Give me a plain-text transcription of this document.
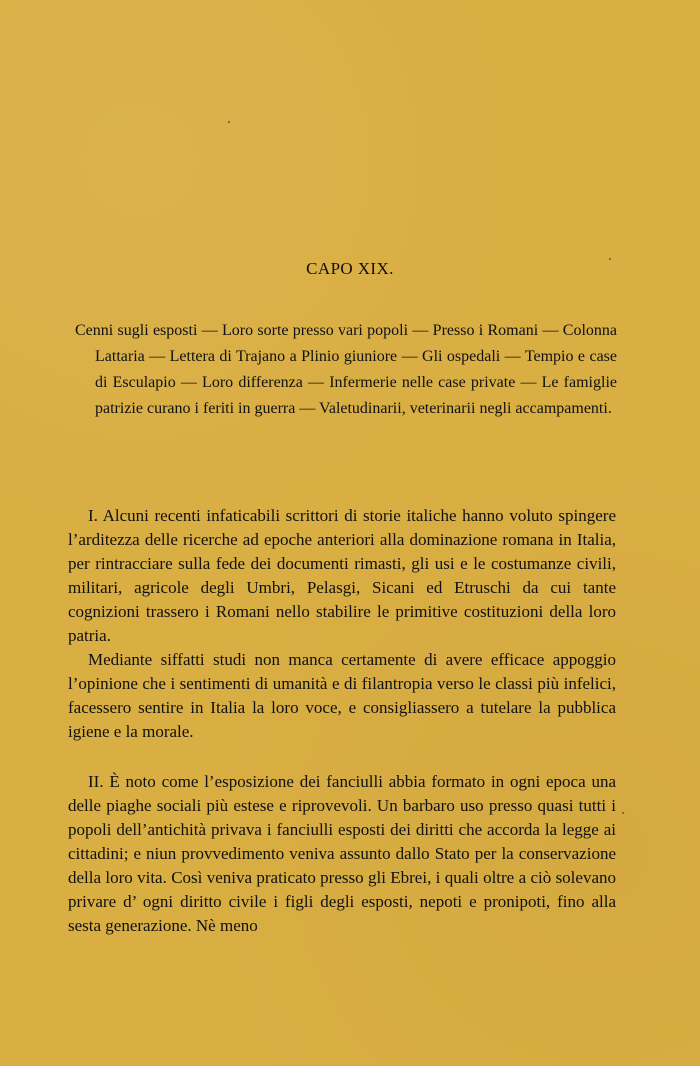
CAPO XIX.

Cenni sugli esposti — Loro sorte presso vari popoli — Presso i Romani — Colonna Lattaria — Lettera di Trajano a Plinio giuniore — Gli ospedali — Tempio e case di Esculapio — Loro differenza — Infermerie nelle case private — Le famiglie patrizie curano i feriti in guerra — Valetudinarii, veterinarii negli accampamenti.

I. Alcuni recenti infaticabili scrittori di storie italiche hanno voluto spingere l’arditezza delle ricerche ad epoche anteriori alla dominazione romana in Italia, per rintracciare sulla fede dei documenti rimasti, gli usi e le costumanze civili, militari, agricole degli Umbri, Pelasgi, Sicani ed Etruschi da cui tante cognizioni trassero i Romani nello stabilire le primitive costituzioni della loro patria.

Mediante siffatti studi non manca certamente di avere efficace appoggio l’opinione che i sentimenti di umanità e di filantropia verso le classi più infelici, facessero sentire in Italia la loro voce, e consigliassero a tutelare la pubblica igiene e la morale.

II. È noto come l’esposizione dei fanciulli abbia formato in ogni epoca una delle piaghe sociali più estese e riprovevoli. Un barbaro uso presso quasi tutti i popoli dell’antichità privava i fanciulli esposti dei diritti che accorda la legge ai cittadini; e niun provvedimento veniva assunto dallo Stato per la conservazione della loro vita. Così veniva praticato presso gli Ebrei, i quali oltre a ciò solevano privare d’ ogni diritto civile i figli degli esposti, nepoti e pronipoti, fino alla sesta generazione. Nè meno
